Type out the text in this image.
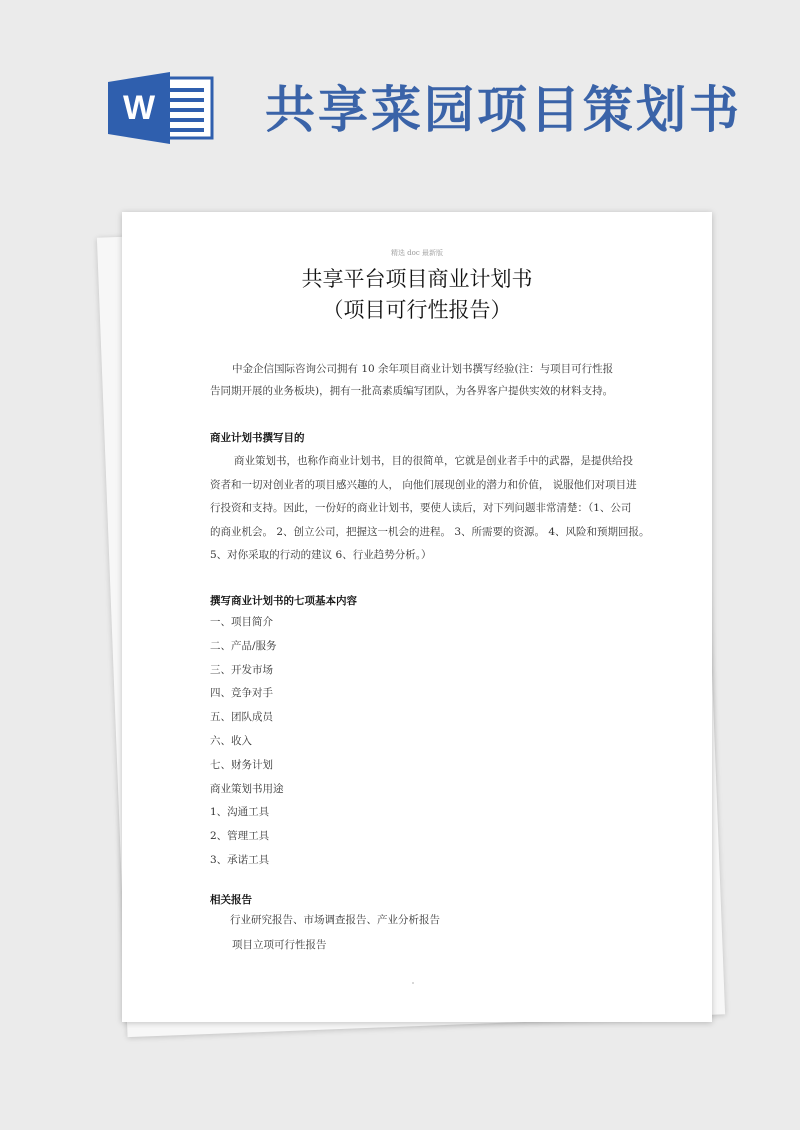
W 共享菜园项目策划书
精选 doc 最新版
共享平台项目商业计划书
（项目可行性报告）
中金企信国际咨询公司拥有 10 余年项目商业计划书撰写经验(注：与项目可行性报告同期开展的业务板块)，拥有一批高素质编写团队，为各界客户提供实效的材料支持。
商业计划书撰写目的
商业策划书，也称作商业计划书，目的很简单，它就是创业者手中的武器，是提供给投
资者和一切对创业者的项目感兴趣的人， 向他们展现创业的潜力和价值， 说服他们对项目进
行投资和支持。因此，一份好的商业计划书，要使人读后，对下列问题非常清楚：（1、公司
的商业机会。 2、创立公司，把握这一机会的进程。 3、所需要的资源。 4、风险和预期回报。
5、对你采取的行动的建议 6、行业趋势分析。）
撰写商业计划书的七项基本内容
一、项目简介
二、产品/服务
三、开发市场
四、竞争对手
五、团队成员
六、收入
七、财务计划
商业策划书用途
1、沟通工具
2、管理工具
3、承诺工具
相关报告
行业研究报告、市场调查报告、产业分析报告
项目立项可行性报告
